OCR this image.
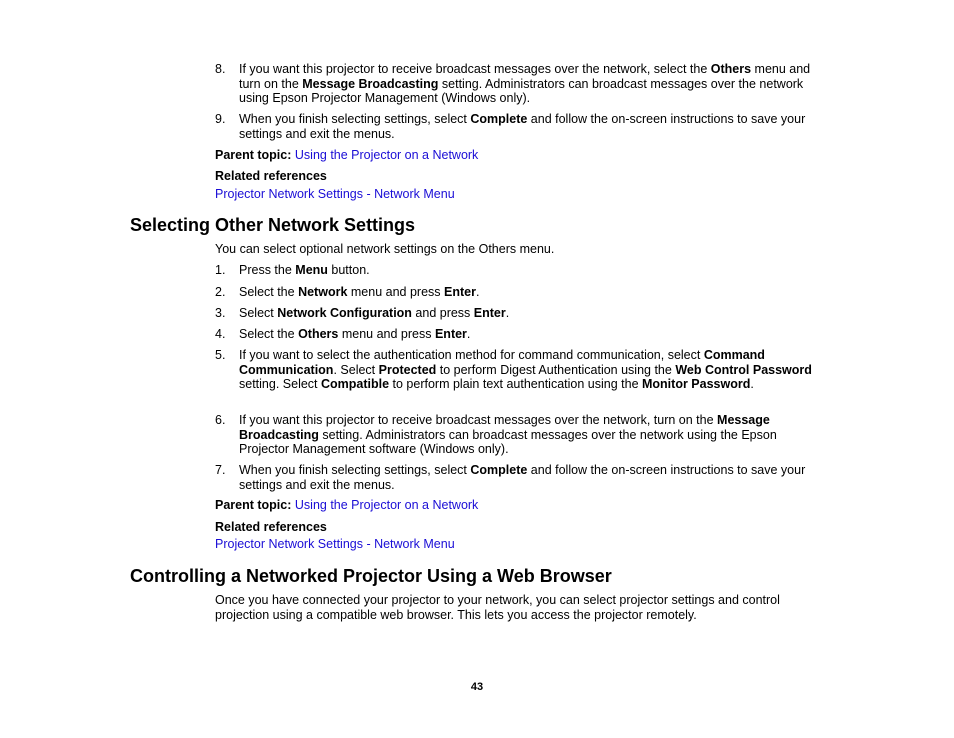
8. If you want this projector to receive broadcast messages over the network, select the Others menu and turn on the Message Broadcasting setting. Administrators can broadcast messages over the network using Epson Projector Management (Windows only).
9. When you finish selecting settings, select Complete and follow the on-screen instructions to save your settings and exit the menus.
Parent topic: Using the Projector on a Network
Related references
Projector Network Settings - Network Menu
Selecting Other Network Settings
You can select optional network settings on the Others menu.
1. Press the Menu button.
2. Select the Network menu and press Enter.
3. Select Network Configuration and press Enter.
4. Select the Others menu and press Enter.
5. If you want to select the authentication method for command communication, select Command Communication. Select Protected to perform Digest Authentication using the Web Control Password setting. Select Compatible to perform plain text authentication using the Monitor Password.
6. If you want this projector to receive broadcast messages over the network, turn on the Message Broadcasting setting. Administrators can broadcast messages over the network using the Epson Projector Management software (Windows only).
7. When you finish selecting settings, select Complete and follow the on-screen instructions to save your settings and exit the menus.
Parent topic: Using the Projector on a Network
Related references
Projector Network Settings - Network Menu
Controlling a Networked Projector Using a Web Browser
Once you have connected your projector to your network, you can select projector settings and control projection using a compatible web browser. This lets you access the projector remotely.
43
